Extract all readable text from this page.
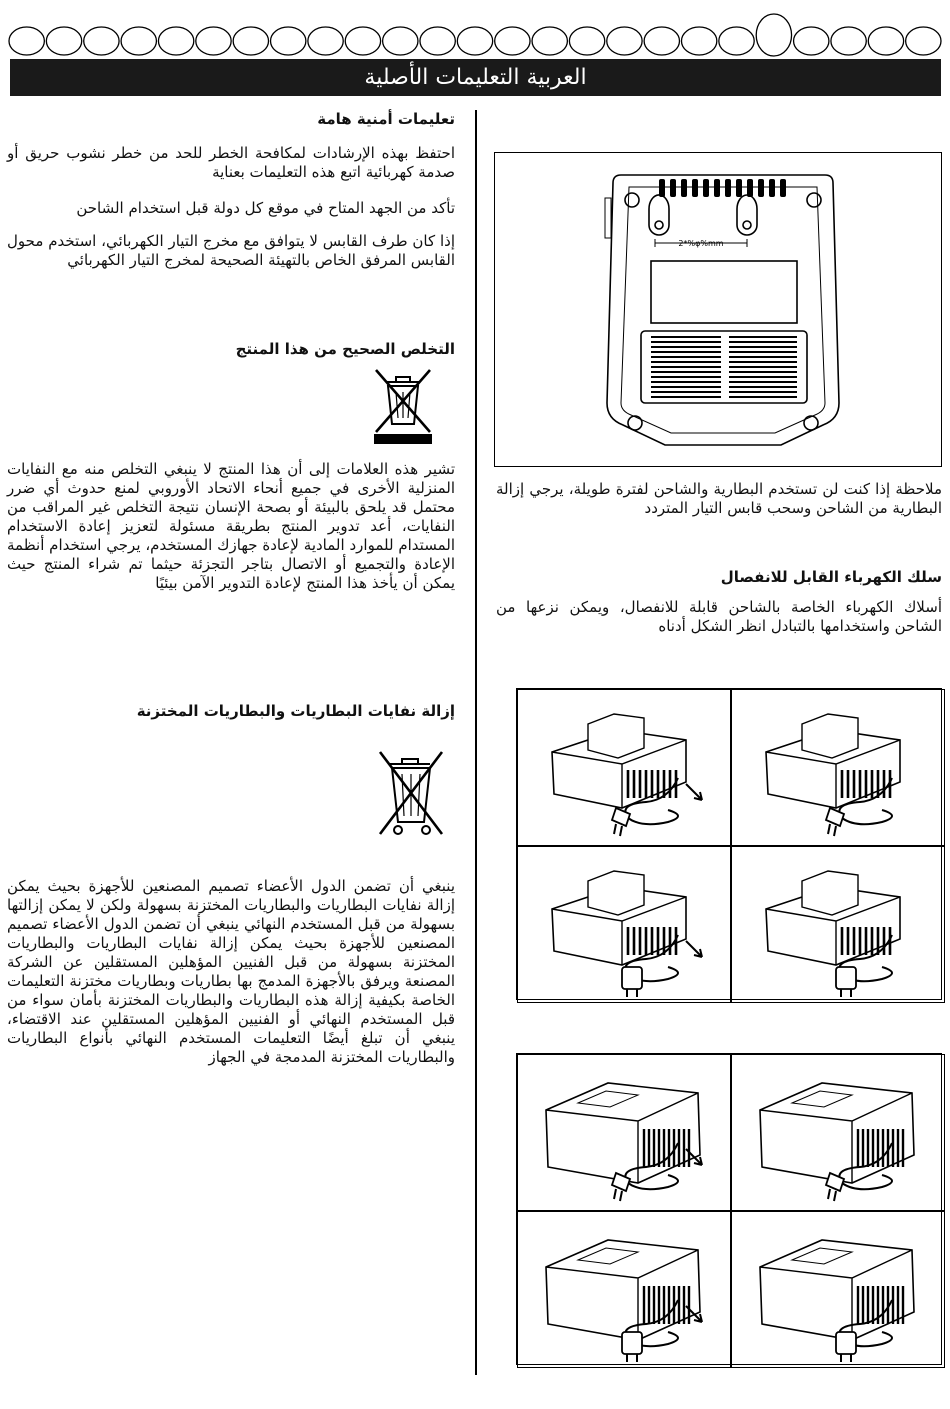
العربية التعليمات الأصلية
تعليمات أمنية هامة
احتفظ بهذه الإرشادات لمكافحة الخطر للحد من خطر نشوب حريق أو صدمة كهربائية اتبع هذه التعليمات بعناية
تأكد من الجهد المتاح في موقع كل دولة قبل استخدام الشاحن
إذا كان طرف القابس لا يتوافق مع مخرج التيار الكهربائي، استخدم محول القابس المرفق الخاص بالتهيئة الصحيحة لمخرج التيار الكهربائي
التخلص الصحيح من هذا المنتج
تشير هذه العلامات إلى أن هذا المنتج لا ينبغي التخلص منه مع النفايات المنزلية الأخرى في جميع أنحاء الاتحاد الأوروبي لمنع حدوث أي ضرر محتمل قد يلحق بالبيئة أو بصحة الإنسان نتيجة التخلص غير المراقب من النفايات، أعد تدوير المنتج بطريقة مسئولة لتعزيز إعادة الاستخدام المستدام للموارد المادية لإعادة جهازك المستخدم، يرجي استخدام أنظمة الإعادة والتجميع أو الاتصال بتاجر التجزئة حيثما تم شراء المنتج حيث يمكن أن يأخذ هذا المنتج لإعادة التدوير الآمن بيئيًا
إزالة نفايات البطاريات والبطاريات المختزنة
ينبغي أن تضمن الدول الأعضاء تصميم المصنعين للأجهزة بحيث يمكن إزالة نفايات البطاريات والبطاريات المختزنة بسهولة ولكن لا يمكن إزالتها بسهولة من قبل المستخدم النهائي ينبغي أن تضمن الدول الأعضاء تصميم المصنعين للأجهزة بحيث يمكن إزالة نفايات البطاريات والبطاريات المختزنة بسهولة من قبل الفنيين المؤهلين المستقلين عن الشركة المصنعة ويرفق بالأجهزة المدمج بها بطاريات وبطاريات مختزنة التعليمات الخاصة بكيفية إزالة هذه البطاريات والبطاريات المختزنة بأمان سواء من قبل المستخدم النهائي أو الفنيين المؤهلين المستقلين عند الاقتضاء، ينبغي أن تبلغ أيضًا التعليمات المستخدم النهائي بأنواع البطاريات والبطاريات المختزنة المدمجة في الجهاز
2*%φ%mm
ملاحظة إذا كنت لن تستخدم البطارية والشاحن لفترة طويلة، يرجي إزالة البطارية من الشاحن وسحب قابس التيار المتردد
سلك الكهرباء القابل للانفصال
أسلاك الكهرباء الخاصة بالشاحن قابلة للانفصال، ويمكن نزعها من الشاحن واستخدامها بالتبادل انظر الشكل أدناه
